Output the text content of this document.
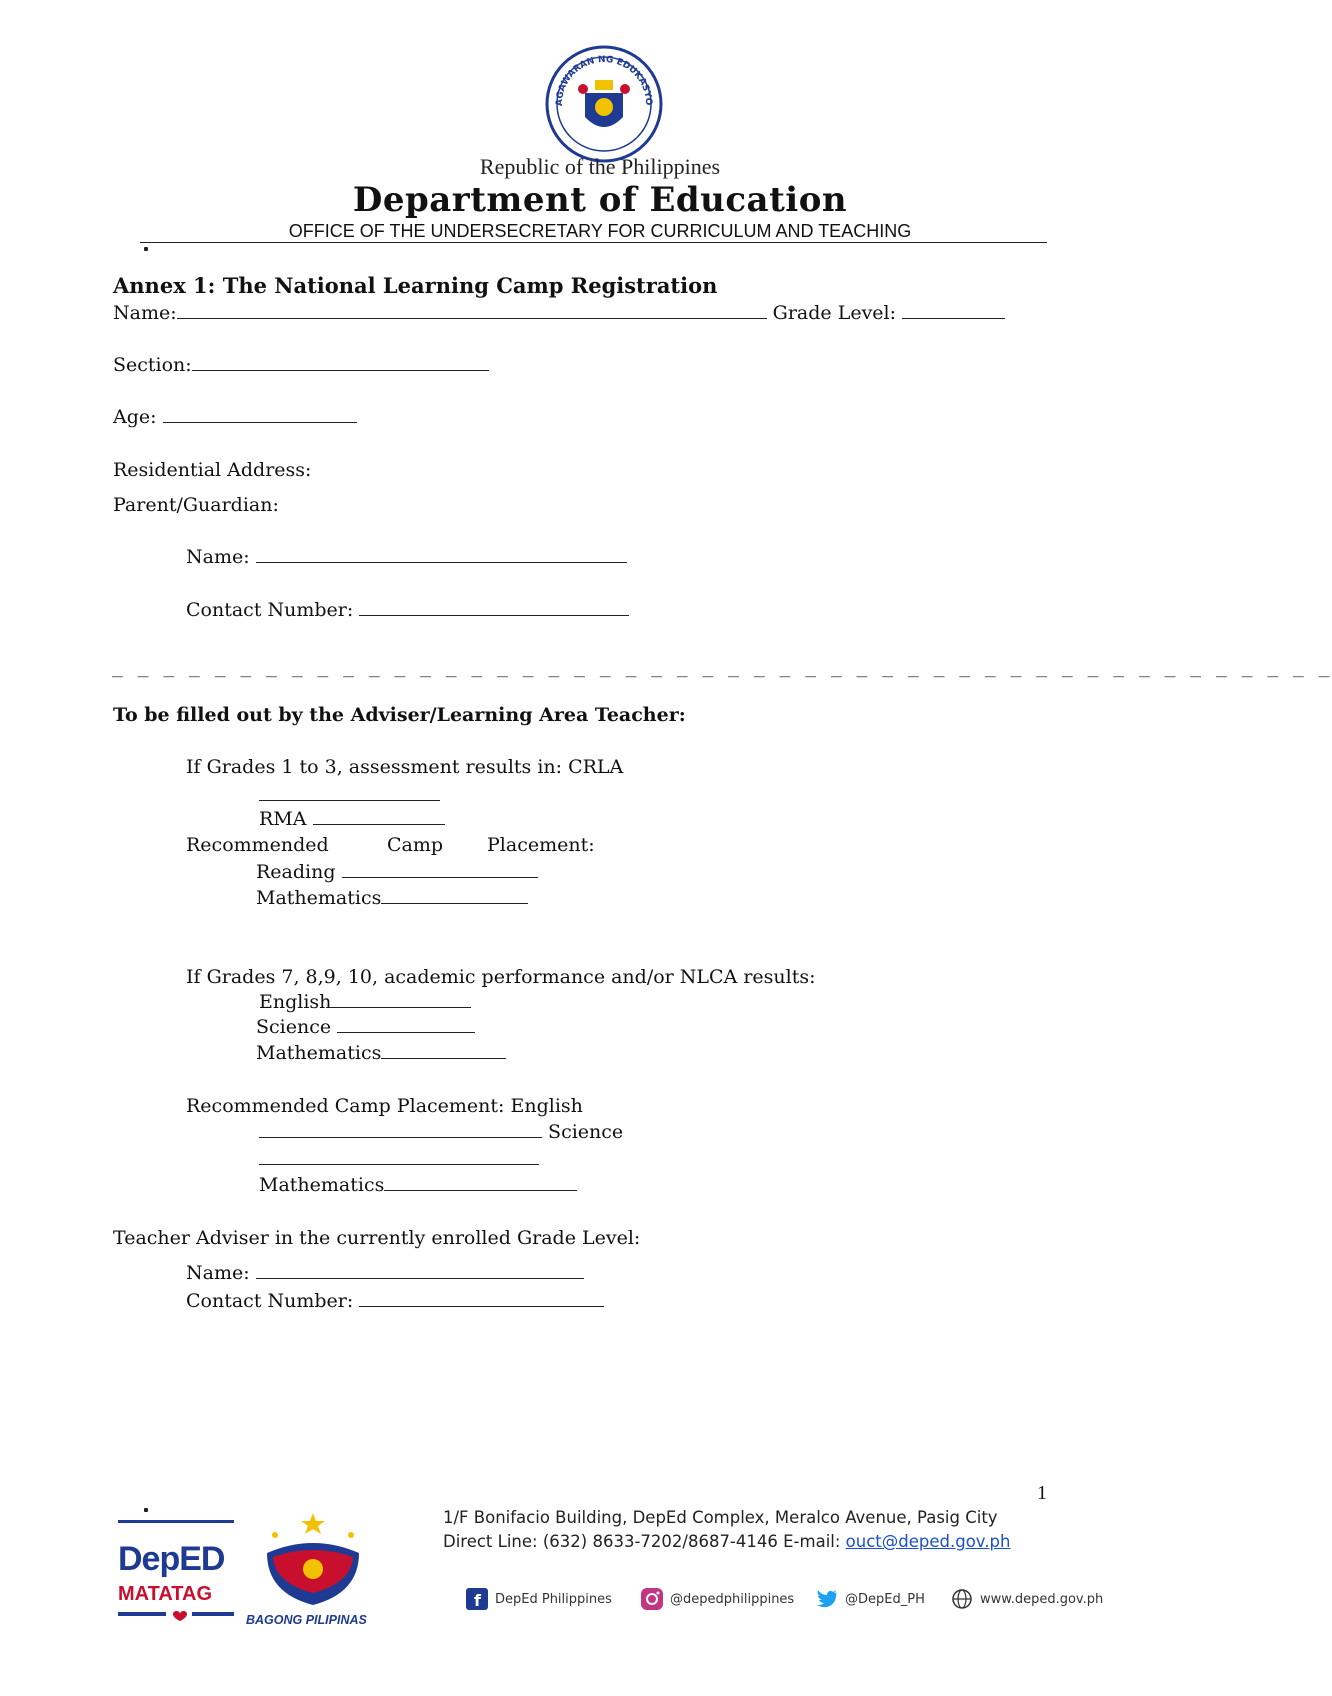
AGAWARAN NG EDUKASYO
Republic of the Philippines
Department of Education
OFFICE OF THE UNDERSECRETARY FOR CURRICULUM AND TEACHING
Annex 1: The National Learning Camp Registration
Name:	Grade Level:
Section:
Age:
Residential Address:
Parent/Guardian:
Name:
Contact Number:
_ _ _ _ _ _ _ _ _ _ _ _ _ _ _ _ _ _ _ _ _ _ _ _ _ _ _ _ _ _ _ _ _ _ _ _ _ _ _ _ _ _ _ _ _ _ _ _
To be filled out by the Adviser/Learning Area Teacher:
If Grades 1 to 3, assessment results in: CRLA
RMA
Recommended	Camp Placement:
Reading
Mathematics
If Grades 7, 8,9, 10, academic performance and/or NLCA results:
English
Science
Mathematics
Recommended Camp Placement: English
Science
Mathematics
Teacher Adviser in the currently enrolled Grade Level:
Name:
Contact Number:
1
DepED
MATATAG
BAGONG PILIPINAS
1/F Bonifacio Building, DepEd Complex, Meralco Avenue, Pasig City
Direct Line: (632) 8633-7202/8687-4146 E-mail: ouct@deped.gov.ph
f DepEd Philippines	@depedphilippines	@DepEd_PH	www.deped.gov.ph
